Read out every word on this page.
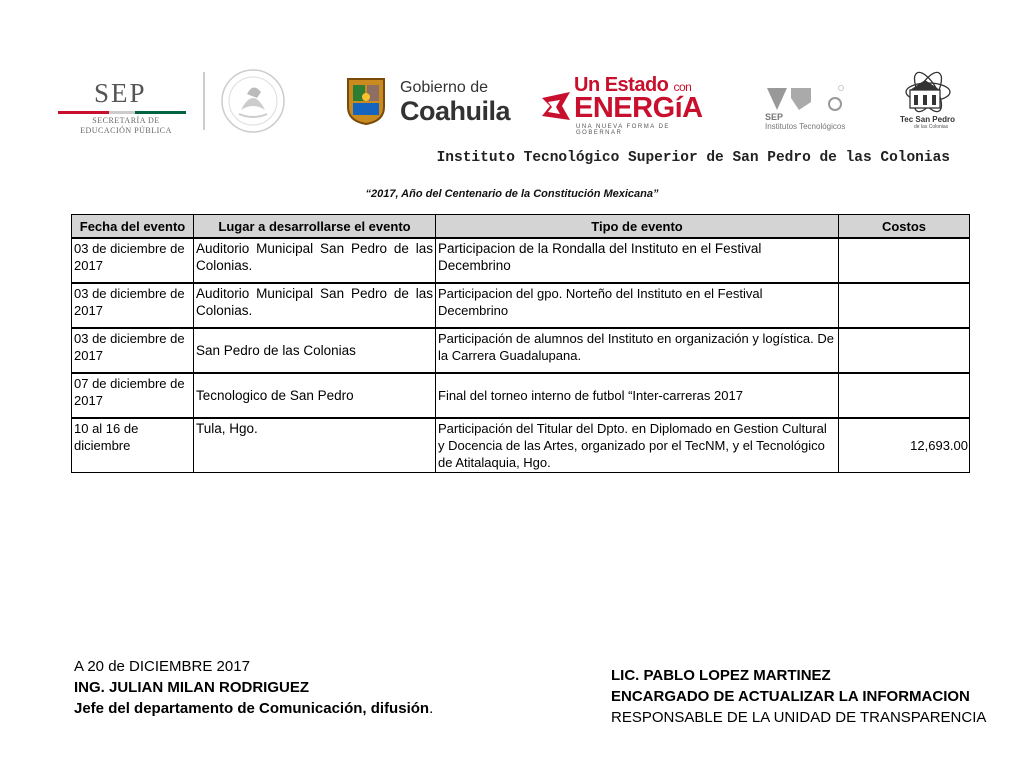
SEP
SECRETARÍA DE
EDUCACIÓN PÚBLICA
Gobierno de
Coahuila
Un Estado con
ENERGíA
UNA NUEVA FORMA DE GOBERNAR
SEP
Institutos Tecnológicos
Tec San Pedro
de las Colonias
Instituto Tecnológico Superior de San Pedro de las Colonias
“2017, Año del Centenario de la Constitución Mexicana”
Fecha del evento	Lugar a desarrollarse el evento	Tipo de evento	Costos
03 de diciembre de 2017	Auditorio Municipal San Pedro de las Colonias.	Participacion de la Rondalla del Instituto en el Festival Decembrino	
03 de diciembre de 2017	Auditorio Municipal San Pedro de las Colonias.	Participacion del gpo. Norteño del Instituto en el Festival Decembrino	
03 de diciembre de 2017	San Pedro de las Colonias	Participación de alumnos del Instituto en organización y logística. De la Carrera Guadalupana.	
07 de diciembre de 2017	Tecnologico de San Pedro	Final del torneo interno de futbol “Inter-carreras 2017	
10 al 16 de diciembre	Tula, Hgo.	Participación del Titular del Dpto. en Diplomado en Gestion Cultural y Docencia de las Artes, organizado por el TecNM, y el Tecnológico de Atitalaquia, Hgo.	12,693.00
A 20 de DICIEMBRE 2017
ING. JULIAN MILAN RODRIGUEZ
Jefe del departamento de Comunicación, difusión.
LIC. PABLO LOPEZ MARTINEZ
ENCARGADO DE ACTUALIZAR LA INFORMACION
RESPONSABLE DE LA UNIDAD DE TRANSPARENCIA
